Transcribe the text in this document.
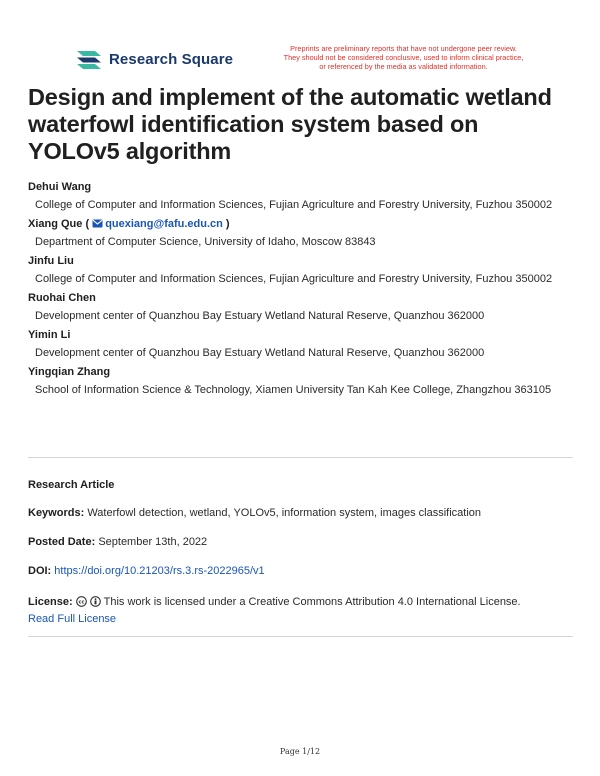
Research Square
Preprints are preliminary reports that have not undergone peer review.
They should not be considered conclusive, used to inform clinical practice,
or referenced by the media as validated information.
Design and implement of the automatic wetland waterfowl identification system based on YOLOv5 algorithm
Dehui Wang
College of Computer and Information Sciences, Fujian Agriculture and Forestry University, Fuzhou 350002
Xiang Que ( quexiang@fafu.edu.cn )
Department of Computer Science, University of Idaho, Moscow 83843
Jinfu Liu
College of Computer and Information Sciences, Fujian Agriculture and Forestry University, Fuzhou 350002
Ruohai Chen
Development center of Quanzhou Bay Estuary Wetland Natural Reserve, Quanzhou 362000
Yimin Li
Development center of Quanzhou Bay Estuary Wetland Natural Reserve, Quanzhou 362000
Yingqian Zhang
School of Information Science & Technology, Xiamen University Tan Kah Kee College, Zhangzhou 363105
Research Article
Keywords: Waterfowl detection, wetland, YOLOv5, information system, images classification
Posted Date: September 13th, 2022
DOI: https://doi.org/10.21203/rs.3.rs-2022965/v1
License: cc This work is licensed under a Creative Commons Attribution 4.0 International License.
Read Full License
Page 1/12
